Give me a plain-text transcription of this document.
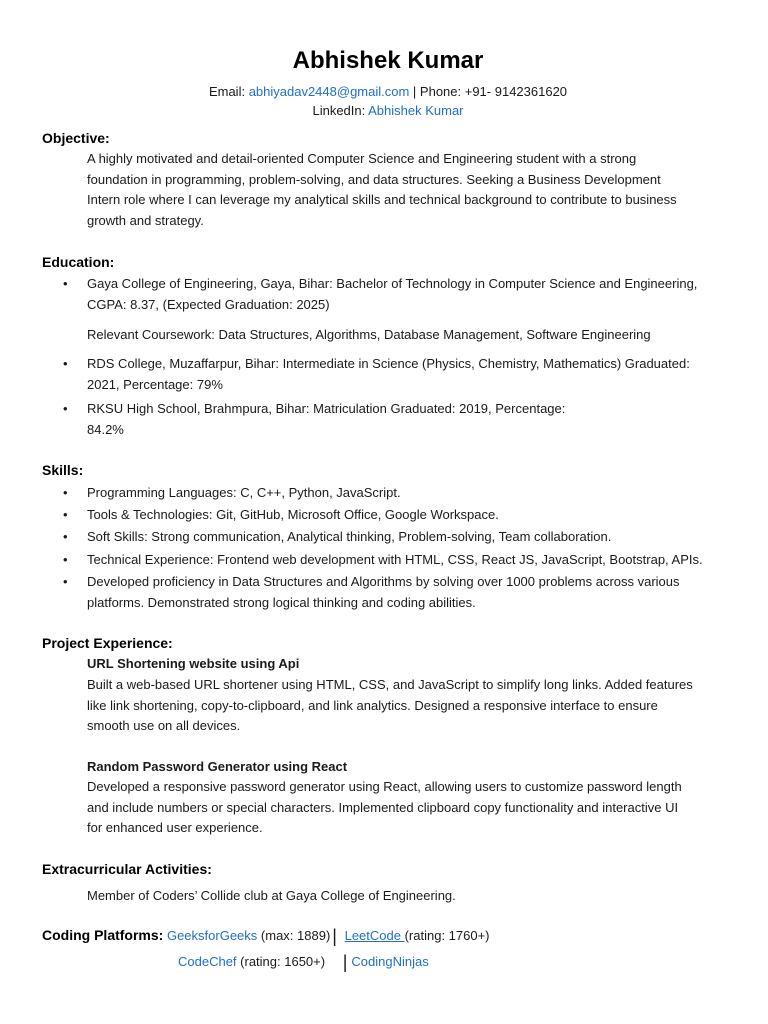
Abhishek Kumar
Email: abhiyadav2448@gmail.com | Phone: +91- 9142361620
LinkedIn: Abhishek Kumar
Objective:
A highly motivated and detail-oriented Computer Science and Engineering student with a strong
foundation in programming, problem-solving, and data structures. Seeking a Business Development
Intern role where I can leverage my analytical skills and technical background to contribute to business
growth and strategy.
Education:
• Gaya College of Engineering, Gaya, Bihar: Bachelor of Technology in Computer Science and Engineering,
CGPA: 8.37, (Expected Graduation: 2025)
Relevant Coursework: Data Structures, Algorithms, Database Management, Software Engineering
• RDS College, Muzaffarpur, Bihar: Intermediate in Science (Physics, Chemistry, Mathematics) Graduated:
2021, Percentage: 79%
• RKSU High School, Brahmpura, Bihar: Matriculation Graduated: 2019, Percentage:
84.2%
Skills:
• Programming Languages: C, C++, Python, JavaScript.
• Tools & Technologies: Git, GitHub, Microsoft Office, Google Workspace.
• Soft Skills: Strong communication, Analytical thinking, Problem-solving, Team collaboration.
• Technical Experience: Frontend web development with HTML, CSS, React JS, JavaScript, Bootstrap, APIs.
• Developed proficiency in Data Structures and Algorithms by solving over 1000 problems across various
platforms. Demonstrated strong logical thinking and coding abilities.
Project Experience:
URL Shortening website using Api
Built a web-based URL shortener using HTML, CSS, and JavaScript to simplify long links. Added features
like link shortening, copy-to-clipboard, and link analytics. Designed a responsive interface to ensure
smooth use on all devices.
Random Password Generator using React
Developed a responsive password generator using React, allowing users to customize password length
and include numbers or special characters. Implemented clipboard copy functionality and interactive UI
for enhanced user experience.
Extracurricular Activities:
Member of Coders’ Collide club at Gaya College of Engineering.
Coding Platforms: GeeksforGeeks (max: 1889) | LeetCode (rating: 1760+)
CodeChef (rating: 1650+) | CodingNinjas
